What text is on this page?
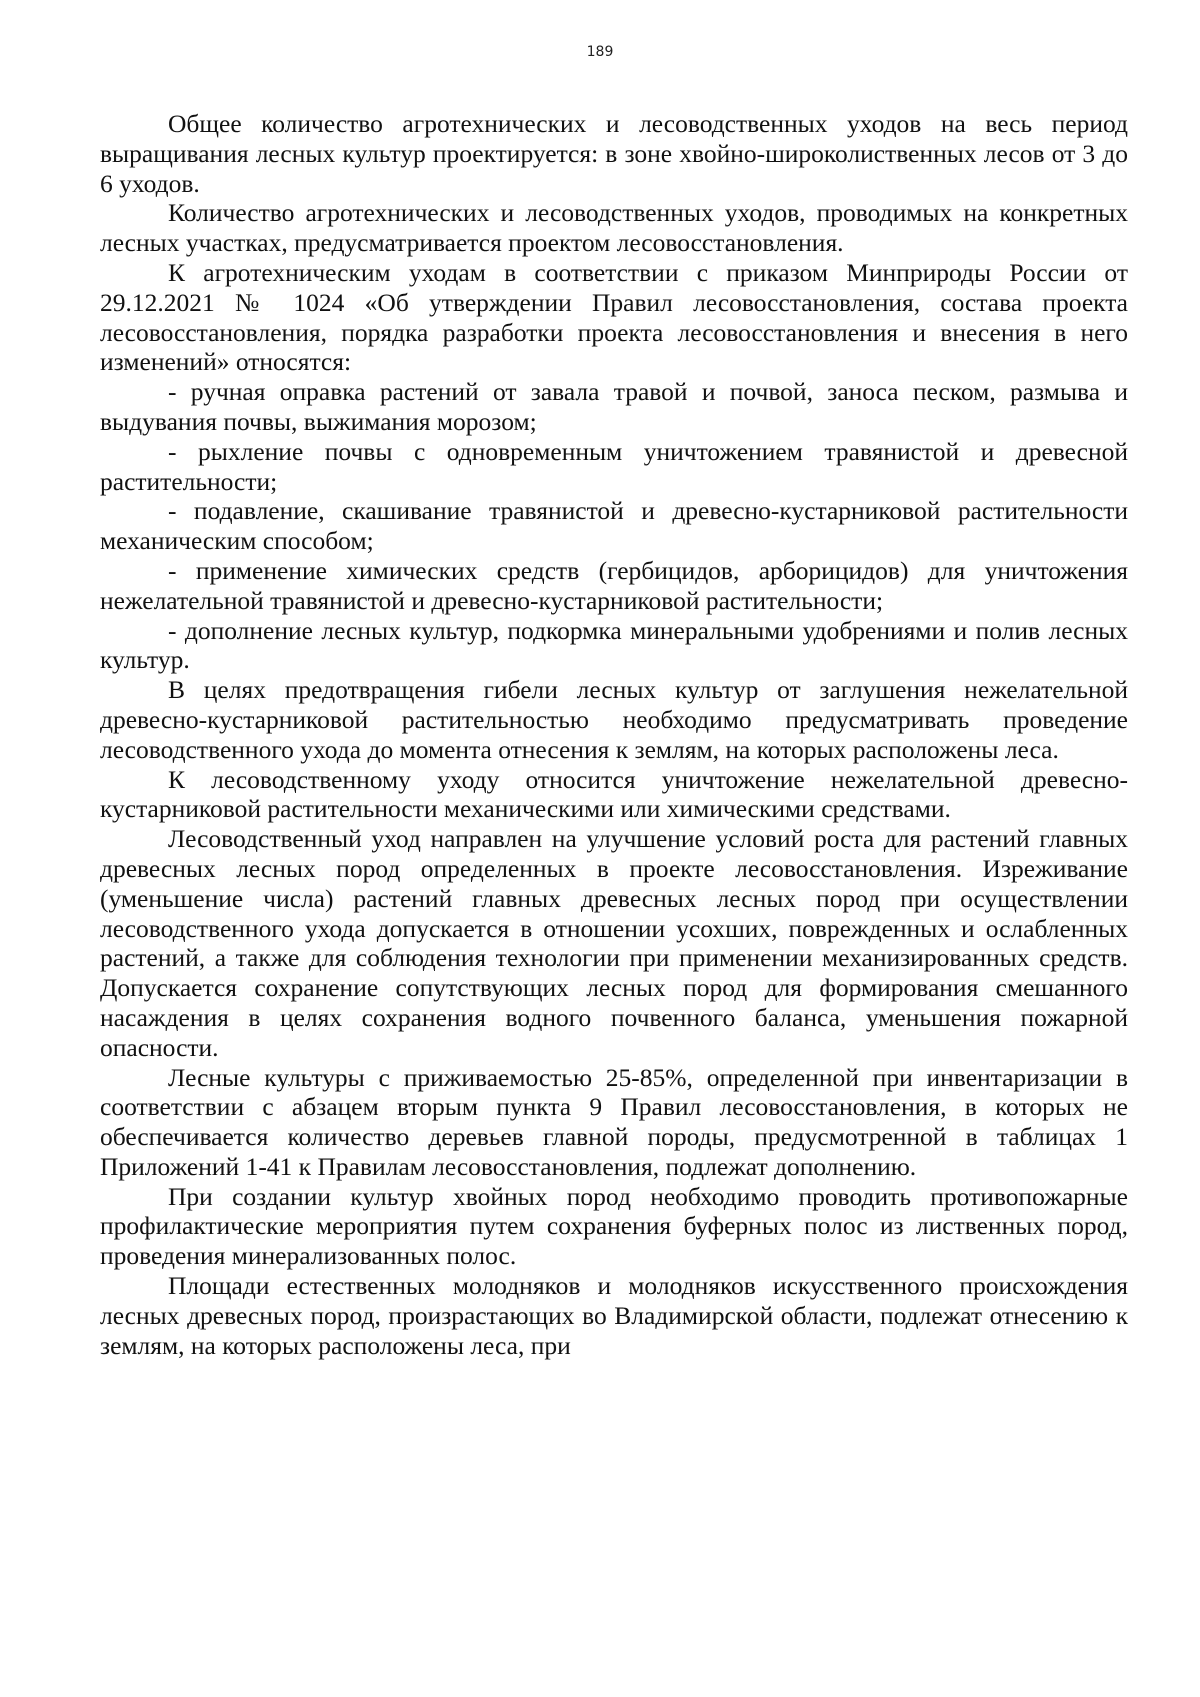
189

Общее количество агротехнических и лесоводственных уходов на весь период выращивания лесных культур проектируется: в зоне хвойно-широколиственных лесов от 3 до 6 уходов.

Количество агротехнических и лесоводственных уходов, проводимых на конкретных лесных участках, предусматривается проектом лесовосстановления.

К агротехническим уходам в соответствии с приказом Минприроды России от 29.12.2021 № 1024 «Об утверждении Правил лесовосстановления, состава проекта лесовосстановления, порядка разработки проекта лесовосстановления и внесения в него изменений» относятся:

- ручная оправка растений от завала травой и почвой, заноса песком, размыва и выдувания почвы, выжимания морозом;

- рыхление почвы с одновременным уничтожением травянистой и древесной растительности;

- подавление, скашивание травянистой и древесно-кустарниковой растительности механическим способом;

- применение химических средств (гербицидов, арборицидов) для уничтожения нежелательной травянистой и древесно-кустарниковой растительности;

- дополнение лесных культур, подкормка минеральными удобрениями и полив лесных культур.

В целях предотвращения гибели лесных культур от заглушения нежелательной древесно-кустарниковой растительностью необходимо предусматривать проведение лесоводственного ухода до момента отнесения к землям, на которых расположены леса.

К лесоводственному уходу относится уничтожение нежелательной древесно-кустарниковой растительности механическими или химическими средствами.

Лесоводственный уход направлен на улучшение условий роста для растений главных древесных лесных пород определенных в проекте лесовосстановления. Изреживание (уменьшение числа) растений главных древесных лесных пород при осуществлении лесоводственного ухода допускается в отношении усохших, поврежденных и ослабленных растений, а также для соблюдения технологии при применении механизированных средств. Допускается сохранение сопутствующих лесных пород для формирования смешанного насаждения в целях сохранения водного почвенного баланса, уменьшения пожарной опасности.

Лесные культуры с приживаемостью 25-85%, определенной при инвентаризации в соответствии с абзацем вторым пункта 9 Правил лесовосстановления, в которых не обеспечивается количество деревьев главной породы, предусмотренной в таблицах 1 Приложений 1-41 к Правилам лесовосстановления, подлежат дополнению.

При создании культур хвойных пород необходимо проводить противопожарные профилактические мероприятия путем сохранения буферных полос из лиственных пород, проведения минерализованных полос.

Площади естественных молодняков и молодняков искусственного происхождения лесных древесных пород, произрастающих во Владимирской области, подлежат отнесению к землям, на которых расположены леса, при
